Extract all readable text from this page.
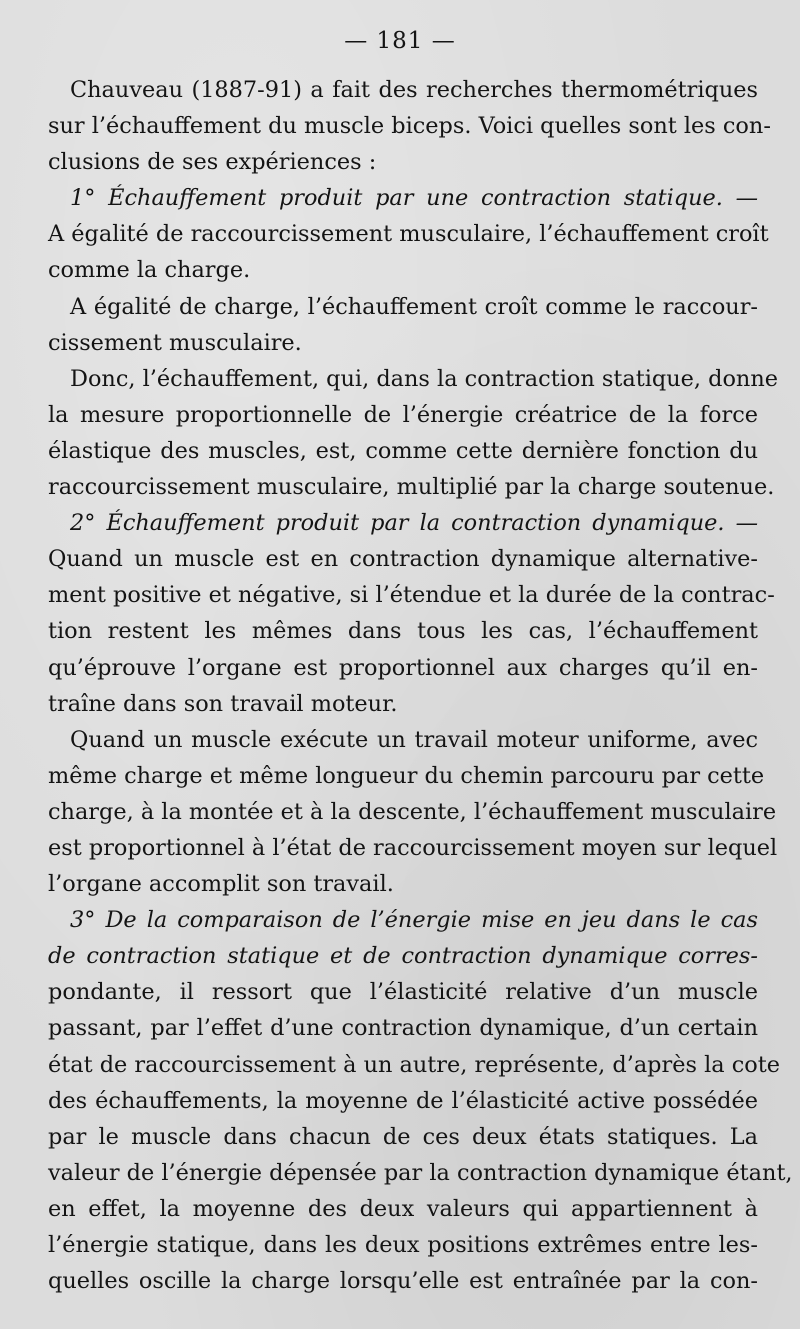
— 181 —
Chauveau (1887-91) a fait des recherches thermométriques
sur l’échauffement du muscle biceps. Voici quelles sont les con-
clusions de ses expériences :
1° Échauffement produit par une contraction statique. —
A égalité de raccourcissement musculaire, l’échauffement croît
comme la charge.
A égalité de charge, l’échauffement croît comme le raccour-
cissement musculaire.
Donc, l’échauffement, qui, dans la contraction statique, donne
la mesure proportionnelle de l’énergie créatrice de la force
élastique des muscles, est, comme cette dernière fonction du
raccourcissement musculaire, multiplié par la charge soutenue.
2° Échauffement produit par la contraction dynamique. —
Quand un muscle est en contraction dynamique alternative-
ment positive et négative, si l’étendue et la durée de la contrac-
tion restent les mêmes dans tous les cas, l’échauffement
qu’éprouve l’organe est proportionnel aux charges qu’il en-
traîne dans son travail moteur.
Quand un muscle exécute un travail moteur uniforme, avec
même charge et même longueur du chemin parcouru par cette
charge, à la montée et à la descente, l’échauffement musculaire
est proportionnel à l’état de raccourcissement moyen sur lequel
l’organe accomplit son travail.
3° De la comparaison de l’énergie mise en jeu dans le cas
de contraction statique et de contraction dynamique corres-
pondante, il ressort que l’élasticité relative d’un muscle
passant, par l’effet d’une contraction dynamique, d’un certain
état de raccourcissement à un autre, représente, d’après la cote
des échauffements, la moyenne de l’élasticité active possédée
par le muscle dans chacun de ces deux états statiques. La
valeur de l’énergie dépensée par la contraction dynamique étant,
en effet, la moyenne des deux valeurs qui appartiennent à
l’énergie statique, dans les deux positions extrêmes entre les-
quelles oscille la charge lorsqu’elle est entraînée par la con-
